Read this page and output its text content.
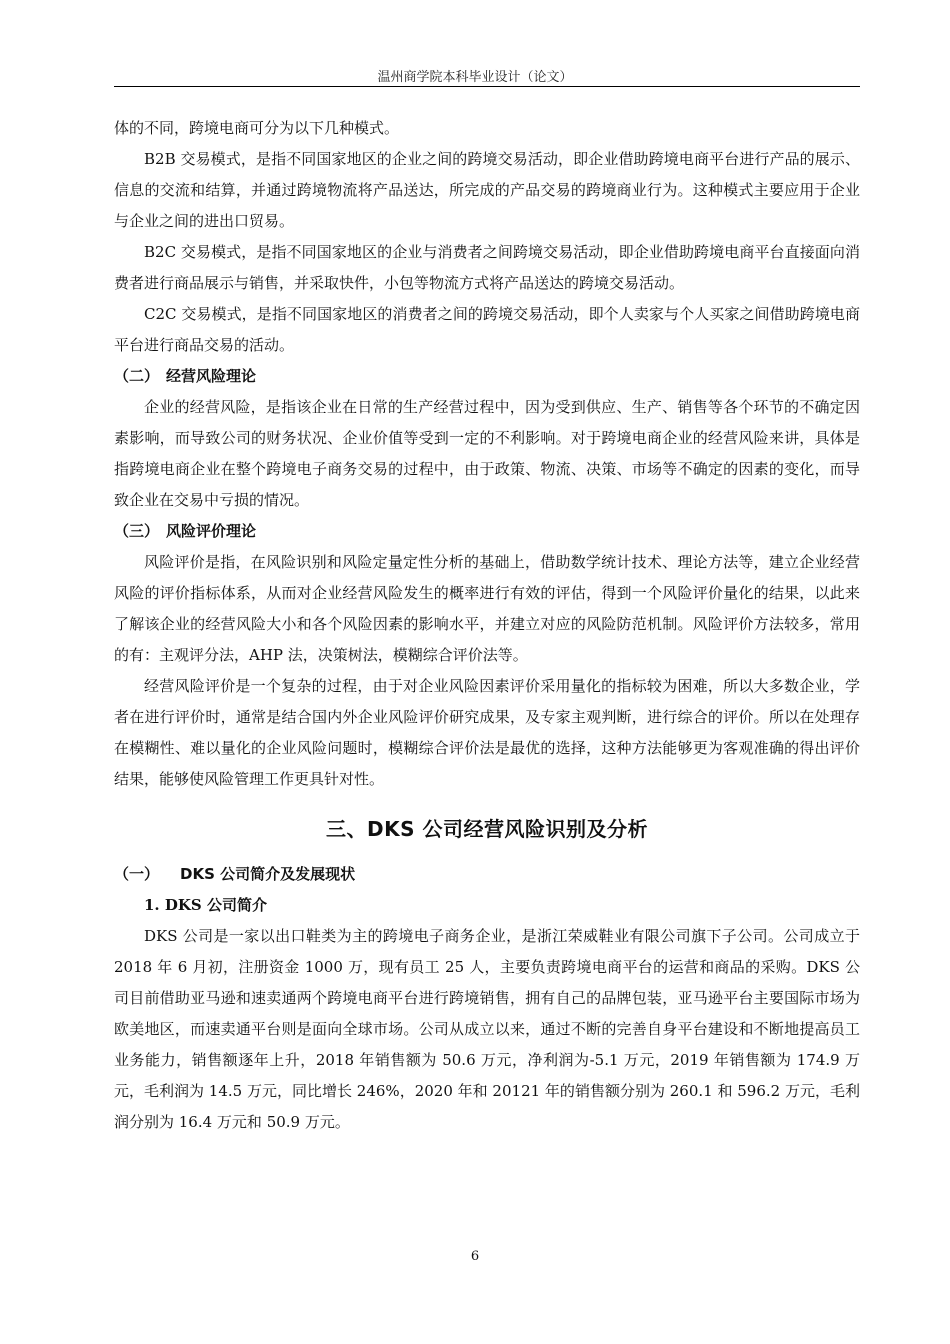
温州商学院本科毕业设计（论文）

体的不同，跨境电商可分为以下几种模式。

B2B 交易模式，是指不同国家地区的企业之间的跨境交易活动，即企业借助跨境电商平台进行产品的展示、信息的交流和结算，并通过跨境物流将产品送达，所完成的产品交易的跨境商业行为。这种模式主要应用于企业与企业之间的进出口贸易。

B2C 交易模式，是指不同国家地区的企业与消费者之间跨境交易活动，即企业借助跨境电商平台直接面向消费者进行商品展示与销售，并采取快件，小包等物流方式将产品送达的跨境交易活动。

C2C 交易模式，是指不同国家地区的消费者之间的跨境交易活动，即个人卖家与个人买家之间借助跨境电商平台进行商品交易的活动。

（二） 经营风险理论

企业的经营风险，是指该企业在日常的生产经营过程中，因为受到供应、生产、销售等各个环节的不确定因素影响，而导致公司的财务状况、企业价值等受到一定的不利影响。对于跨境电商企业的经营风险来讲，具体是指跨境电商企业在整个跨境电子商务交易的过程中，由于政策、物流、决策、市场等不确定的因素的变化，而导致企业在交易中亏损的情况。

（三） 风险评价理论

风险评价是指，在风险识别和风险定量定性分析的基础上，借助数学统计技术、理论方法等，建立企业经营风险的评价指标体系，从而对企业经营风险发生的概率进行有效的评估，得到一个风险评价量化的结果，以此来了解该企业的经营风险大小和各个风险因素的影响水平，并建立对应的风险防范机制。风险评价方法较多，常用的有：主观评分法，AHP 法，决策树法，模糊综合评价法等。

经营风险评价是一个复杂的过程，由于对企业风险因素评价采用量化的指标较为困难，所以大多数企业，学者在进行评价时，通常是结合国内外企业风险评价研究成果，及专家主观判断，进行综合的评价。所以在处理存在模糊性、难以量化的企业风险问题时，模糊综合评价法是最优的选择，这种方法能够更为客观准确的得出评价结果，能够使风险管理工作更具针对性。

三、DKS 公司经营风险识别及分析
（一） DKS 公司简介及发展现状
1. DKS 公司简介

DKS 公司是一家以出口鞋类为主的跨境电子商务企业，是浙江荣威鞋业有限公司旗下子公司。公司成立于 2018 年 6 月初，注册资金 1000 万，现有员工 25 人，主要负责跨境电商平台的运营和商品的采购。DKS 公司目前借助亚马逊和速卖通两个跨境电商平台进行跨境销售，拥有自己的品牌包装，亚马逊平台主要国际市场为欧美地区，而速卖通平台则是面向全球市场。公司从成立以来，通过不断的完善自身平台建设和不断地提高员工业务能力，销售额逐年上升，2018 年销售额为 50.6 万元，净利润为-5.1 万元，2019 年销售额为 174.9 万元，毛利润为 14.5 万元，同比增长 246%，2020 年和 20121 年的销售额分别为 260.1 和 596.2 万元，毛利润分别为 16.4 万元和 50.9 万元。

6
